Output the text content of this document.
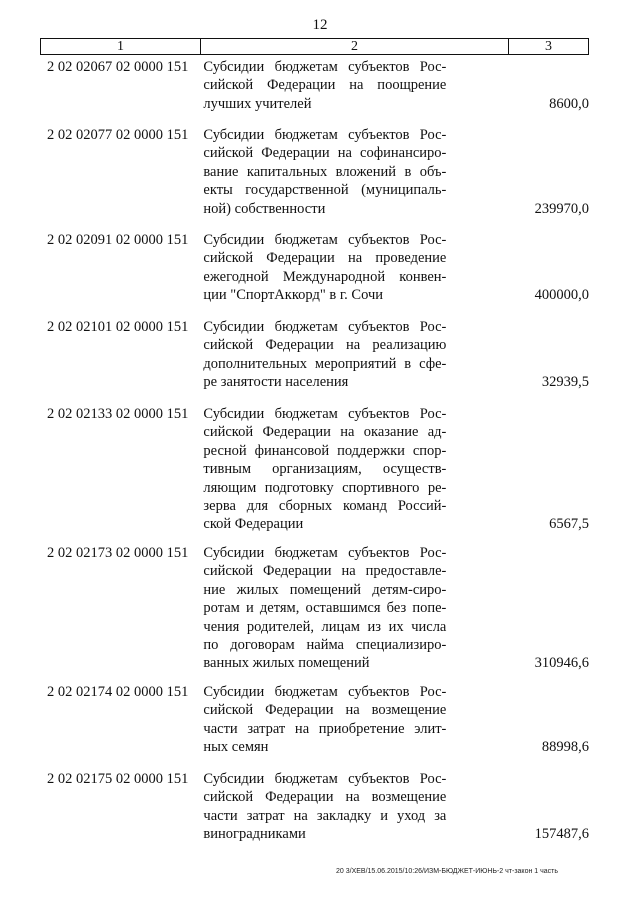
12
1	2	3
2 02 02067 02 0000 151	Субсидии бюджетам субъектов Рос-
сийской Федерации на поощрение
лучших учителей	8600,0
2 02 02077 02 0000 151	Субсидии бюджетам субъектов Рос-
сийской Федерации на софинансиро-
вание капитальных вложений в объ-
екты государственной (муниципаль-
ной) собственности	239970,0
2 02 02091 02 0000 151	Субсидии бюджетам субъектов Рос-
сийской Федерации на проведение
ежегодной Международной конвен-
ции "СпортАккорд" в г. Сочи	400000,0
2 02 02101 02 0000 151	Субсидии бюджетам субъектов Рос-
сийской Федерации на реализацию
дополнительных мероприятий в сфе-
ре занятости населения	32939,5
2 02 02133 02 0000 151	Субсидии бюджетам субъектов Рос-
сийской Федерации на оказание ад-
ресной финансовой поддержки спор-
тивным организациям, осуществ-
ляющим подготовку спортивного ре-
зерва для сборных команд Россий-
ской Федерации	6567,5
2 02 02173 02 0000 151	Субсидии бюджетам субъектов Рос-
сийской Федерации на предоставле-
ние жилых помещений детям-сиро-
ротам и детям, оставшимся без попе-
чения родителей, лицам из их числа
по договорам найма специализиро-
ванных жилых помещений	310946,6
2 02 02174 02 0000 151	Субсидии бюджетам субъектов Рос-
сийской Федерации на возмещение
части затрат на приобретение элит-
ных семян	88998,6
2 02 02175 02 0000 151	Субсидии бюджетам субъектов Рос-
сийской Федерации на возмещение
части затрат на закладку и уход за
виноградниками	157487,6
20 3/ХЕВ/15.06.2015/10:26/ИЗМ-БЮДЖЕТ-ИЮНЬ-2 чт-закон 1 часть
